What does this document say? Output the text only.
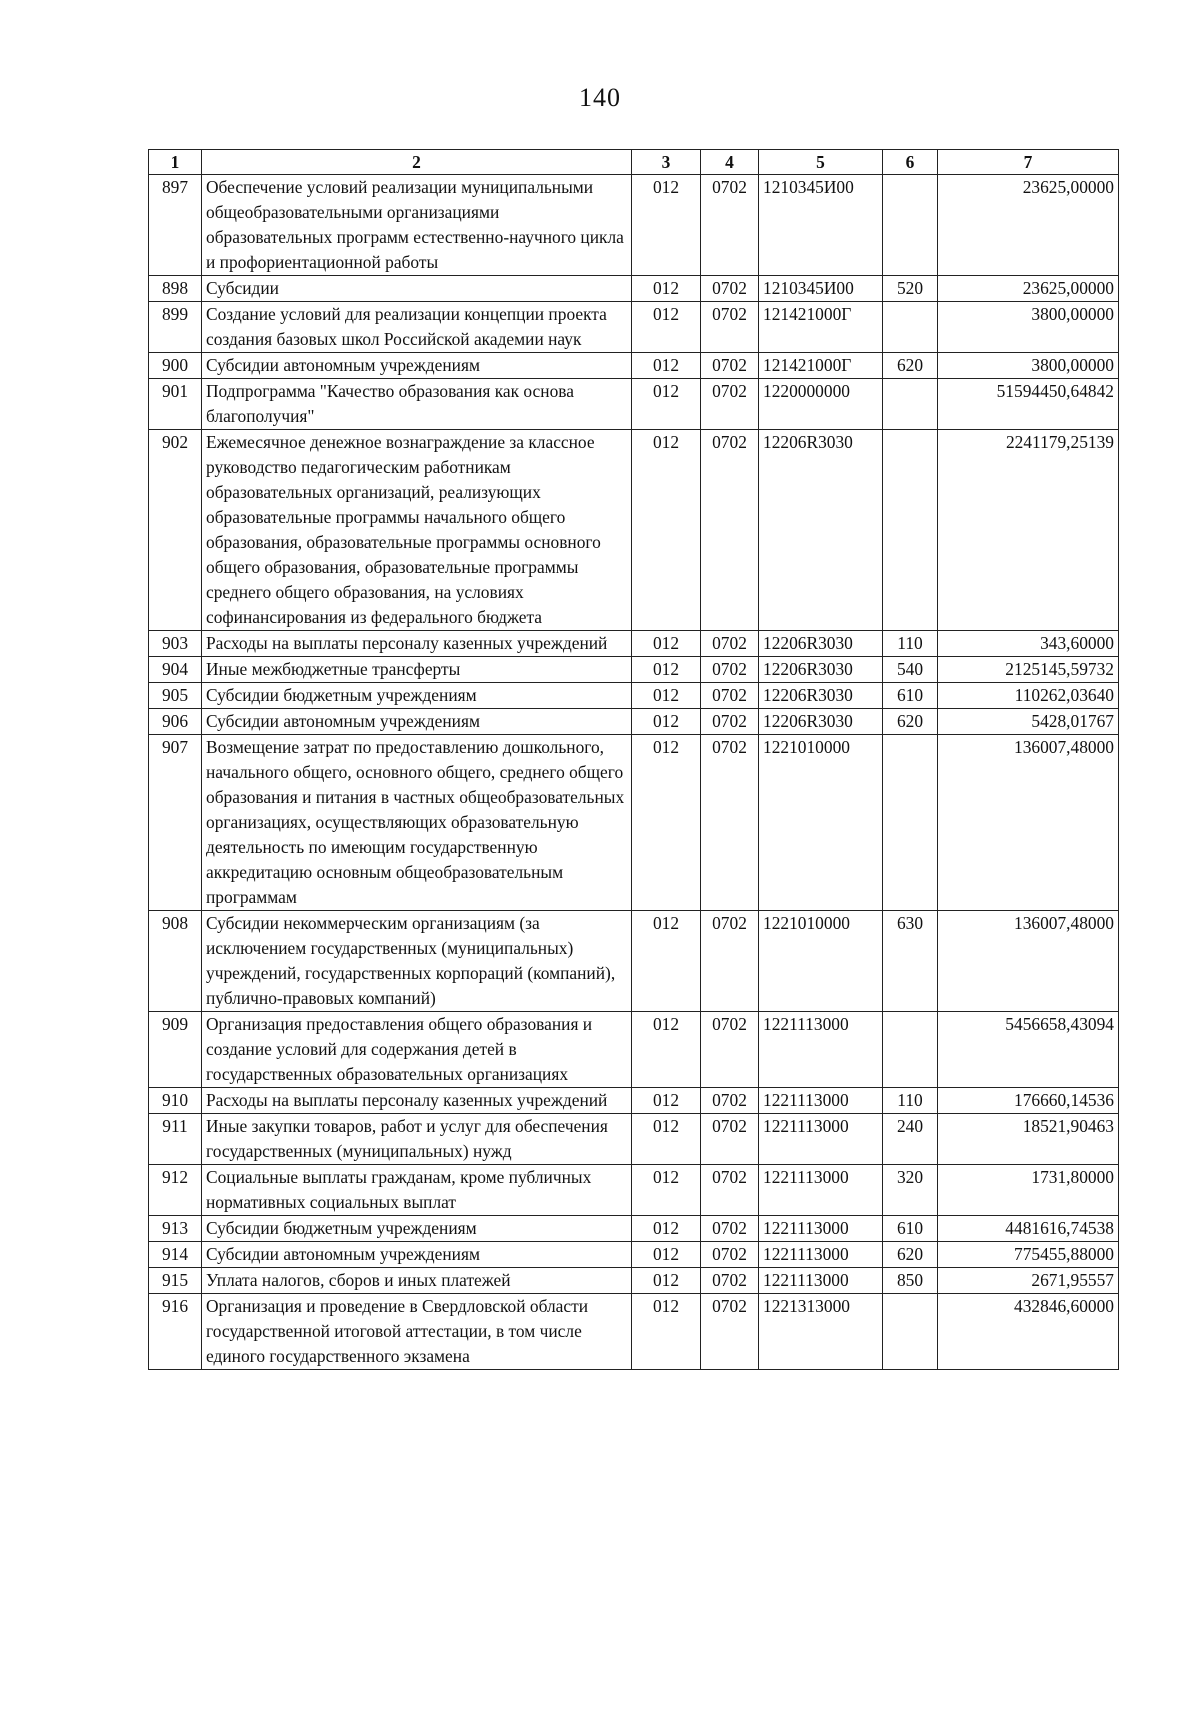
140
1	2	3	4	5	6	7
897	Обеспечение условий реализации муниципальными общеобразовательными организациями образовательных программ естественно-научного цикла и профориентационной работы	012	0702	1210345И00		23625,00000
898	Субсидии	012	0702	1210345И00	520	23625,00000
899	Создание условий для реализации концепции проекта создания базовых школ Российской академии наук	012	0702	121421000Г		3800,00000
900	Субсидии автономным учреждениям	012	0702	121421000Г	620	3800,00000
901	Подпрограмма "Качество образования как основа благополучия"	012	0702	1220000000		51594450,64842
902	Ежемесячное денежное вознаграждение за классное руководство педагогическим работникам образовательных организаций, реализующих образовательные программы начального общего образования, образовательные программы основного общего образования, образовательные программы среднего общего образования, на условиях софинансирования из федерального бюджета	012	0702	12206R3030		2241179,25139
903	Расходы на выплаты персоналу казенных учреждений	012	0702	12206R3030	110	343,60000
904	Иные межбюджетные трансферты	012	0702	12206R3030	540	2125145,59732
905	Субсидии бюджетным учреждениям	012	0702	12206R3030	610	110262,03640
906	Субсидии автономным учреждениям	012	0702	12206R3030	620	5428,01767
907	Возмещение затрат по предоставлению дошкольного, начального общего, основного общего, среднего общего образования и питания в частных общеобразовательных организациях, осуществляющих образовательную деятельность по имеющим государственную аккредитацию основным общеобразовательным программам	012	0702	1221010000		136007,48000
908	Субсидии некоммерческим организациям (за исключением государственных (муниципальных) учреждений, государственных корпораций (компаний), публично-правовых компаний)	012	0702	1221010000	630	136007,48000
909	Организация предоставления общего образования и создание условий для содержания детей в государственных образовательных организациях	012	0702	1221113000		5456658,43094
910	Расходы на выплаты персоналу казенных учреждений	012	0702	1221113000	110	176660,14536
911	Иные закупки товаров, работ и услуг для обеспечения государственных (муниципальных) нужд	012	0702	1221113000	240	18521,90463
912	Социальные выплаты гражданам, кроме публичных нормативных социальных выплат	012	0702	1221113000	320	1731,80000
913	Субсидии бюджетным учреждениям	012	0702	1221113000	610	4481616,74538
914	Субсидии автономным учреждениям	012	0702	1221113000	620	775455,88000
915	Уплата налогов, сборов и иных платежей	012	0702	1221113000	850	2671,95557
916	Организация и проведение в Свердловской области государственной итоговой аттестации, в том числе единого государственного экзамена	012	0702	1221313000		432846,60000
